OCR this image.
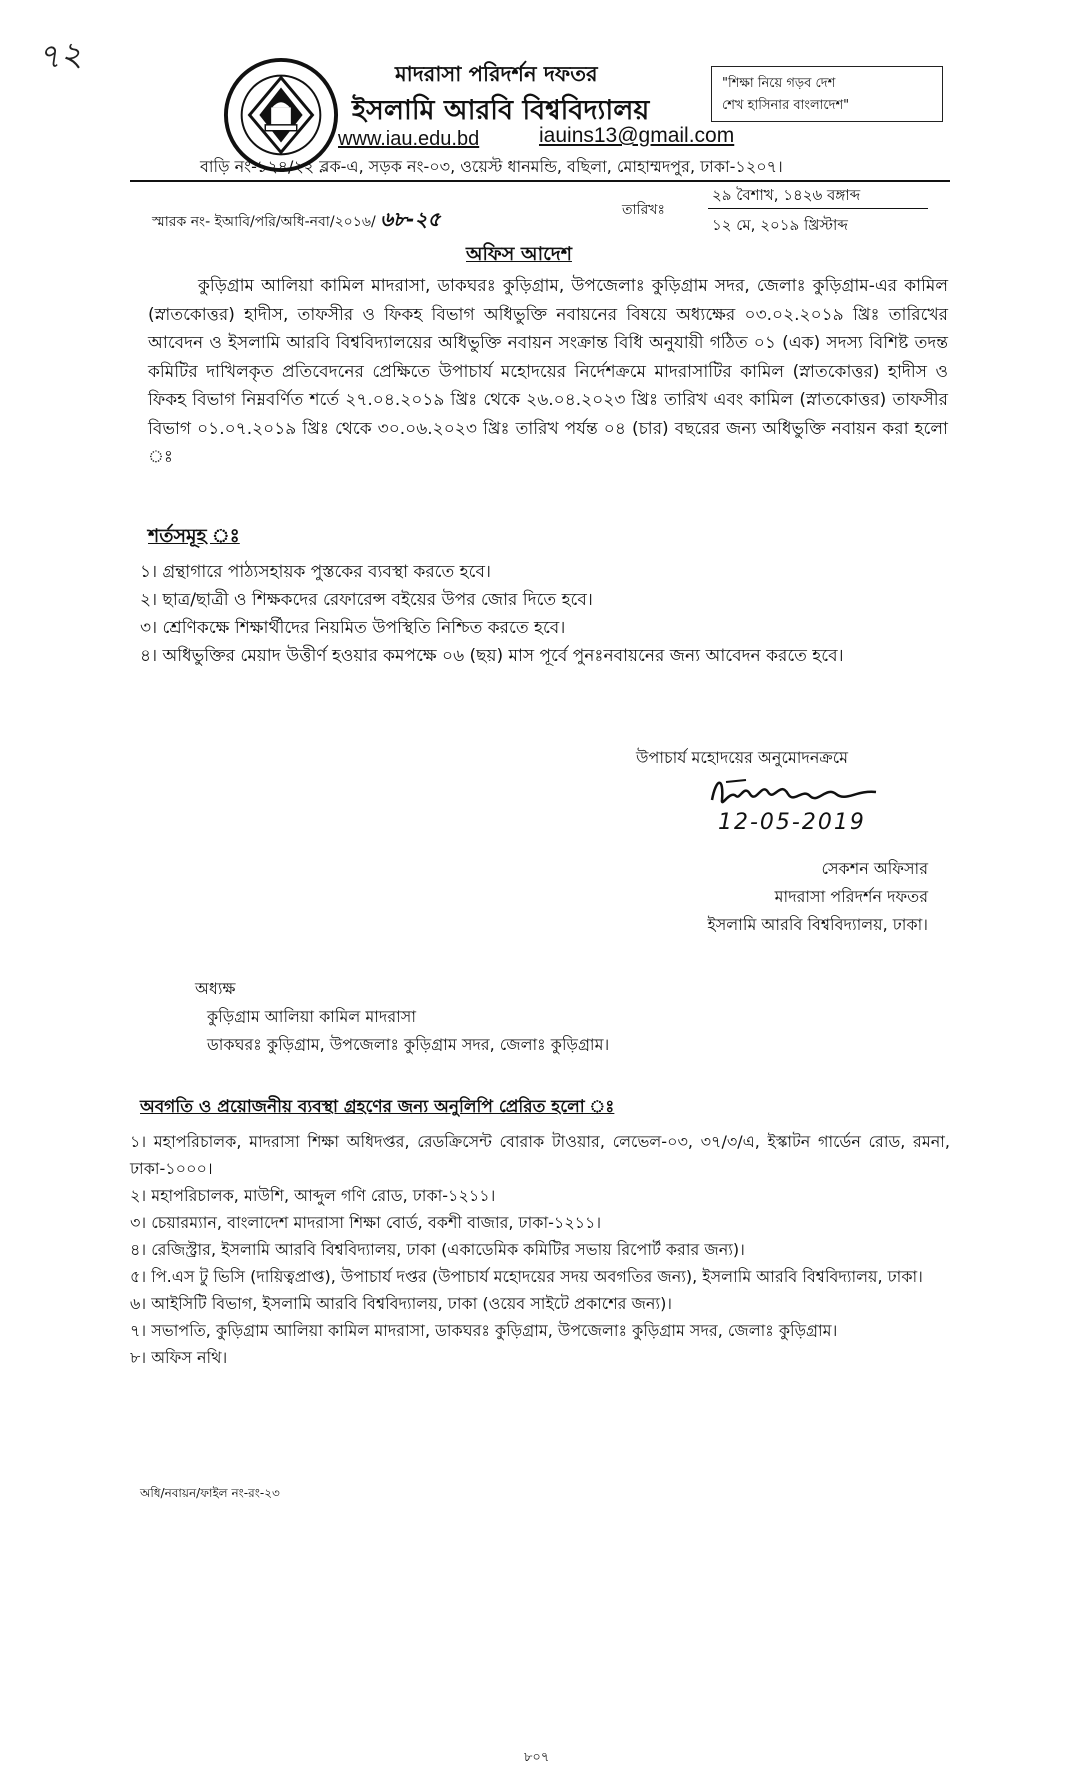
৭২	মাদরাসা পরিদর্শন দফতর
ইসলামি আরবি বিশ্ববিদ্যালয়
www.iau.edu.bd	iauins13@gmail.com
"শিক্ষা নিয়ে গড়ব দেশ
শেখ হাসিনার বাংলাদেশ"
বাড়ি নং-১২৪/২২ ব্লক-এ, সড়ক নং-০৩, ওয়েস্ট ধানমন্ডি, বছিলা, মোহাম্মদপুর, ঢাকা-১২০৭।
স্মারক নং- ইআবি/পরি/অধি-নবা/২০১৬/ ৬৮-২৫	তারিখঃ
২৯ বৈশাখ, ১৪২৬ বঙ্গাব্দ
১২ মে, ২০১৯ খ্রিস্টাব্দ
অফিস আদেশ
কুড়িগ্রাম আলিয়া কামিল মাদরাসা, ডাকঘরঃ কুড়িগ্রাম, উপজেলাঃ কুড়িগ্রাম সদর, জেলাঃ কুড়িগ্রাম-এর কামিল (স্নাতকোত্তর) হাদীস, তাফসীর ও ফিকহ বিভাগ অধিভুক্তি নবায়নের বিষয়ে অধ্যক্ষের ০৩.০২.২০১৯ খ্রিঃ তারিখের আবেদন ও ইসলামি আরবি বিশ্ববিদ্যালয়ের অধিভুক্তি নবায়ন সংক্রান্ত বিধি অনুযায়ী গঠিত ০১ (এক) সদস্য বিশিষ্ট তদন্ত কমিটির দাখিলকৃত প্রতিবেদনের প্রেক্ষিতে উপাচার্য মহোদয়ের নির্দেশক্রমে মাদরাসাটির কামিল (স্নাতকোত্তর) হাদীস ও ফিকহ বিভাগ নিম্নবর্ণিত শর্তে ২৭.০৪.২০১৯ খ্রিঃ থেকে ২৬.০৪.২০২৩ খ্রিঃ তারিখ এবং কামিল (স্নাতকোত্তর) তাফসীর বিভাগ ০১.০৭.২০১৯ খ্রিঃ থেকে ৩০.০৬.২০২৩ খ্রিঃ তারিখ পর্যন্ত ০৪ (চার) বছরের জন্য অধিভুক্তি নবায়ন করা হলো ঃ
শর্তসমূহ ঃ
১। গ্রন্থাগারে পাঠ্যসহায়ক পুস্তকের ব্যবস্থা করতে হবে।
২। ছাত্র/ছাত্রী ও শিক্ষকদের রেফারেন্স বইয়ের উপর জোর দিতে হবে।
৩। শ্রেণিকক্ষে শিক্ষার্থীদের নিয়মিত উপস্থিতি নিশ্চিত করতে হবে।
৪। অধিভুক্তির মেয়াদ উত্তীর্ণ হওয়ার কমপক্ষে ০৬ (ছয়) মাস পূর্বে পুনঃনবায়নের জন্য আবেদন করতে হবে।
উপাচার্য মহোদয়ের অনুমোদনক্রমে
12-05-2019
সেকশন অফিসার
মাদরাসা পরিদর্শন দফতর
ইসলামি আরবি বিশ্ববিদ্যালয়, ঢাকা।
অধ্যক্ষ
কুড়িগ্রাম আলিয়া কামিল মাদরাসা
ডাকঘরঃ কুড়িগ্রাম, উপজেলাঃ কুড়িগ্রাম সদর, জেলাঃ কুড়িগ্রাম।
অবগতি ও প্রয়োজনীয় ব্যবস্থা গ্রহণের জন্য অনুলিপি প্রেরিত হলো ঃ
১। মহাপরিচালক, মাদরাসা শিক্ষা অধিদপ্তর, রেডক্রিসেন্ট বোরাক টাওয়ার, লেভেল-০৩, ৩৭/৩/এ, ইস্কাটন গার্ডেন রোড, রমনা, ঢাকা-১০০০।
২। মহাপরিচালক, মাউশি, আব্দুল গণি রোড, ঢাকা-১২১১।
৩। চেয়ারম্যান, বাংলাদেশ মাদরাসা শিক্ষা বোর্ড, বকশী বাজার, ঢাকা-১২১১।
৪। রেজিস্ট্রার, ইসলামি আরবি বিশ্ববিদ্যালয়, ঢাকা (একাডেমিক কমিটির সভায় রিপোর্ট করার জন্য)।
৫। পি.এস টু ভিসি (দায়িত্বপ্রাপ্ত), উপাচার্য দপ্তর (উপাচার্য মহোদয়ের সদয় অবগতির জন্য), ইসলামি আরবি বিশ্ববিদ্যালয়, ঢাকা।
৬। আইসিটি বিভাগ, ইসলামি আরবি বিশ্ববিদ্যালয়, ঢাকা (ওয়েব সাইটে প্রকাশের জন্য)।
৭। সভাপতি, কুড়িগ্রাম আলিয়া কামিল মাদরাসা, ডাকঘরঃ কুড়িগ্রাম, উপজেলাঃ কুড়িগ্রাম সদর, জেলাঃ কুড়িগ্রাম।
৮। অফিস নথি।
অধি/নবায়ন/ফাইল নং-রং-২৩
৮০৭
